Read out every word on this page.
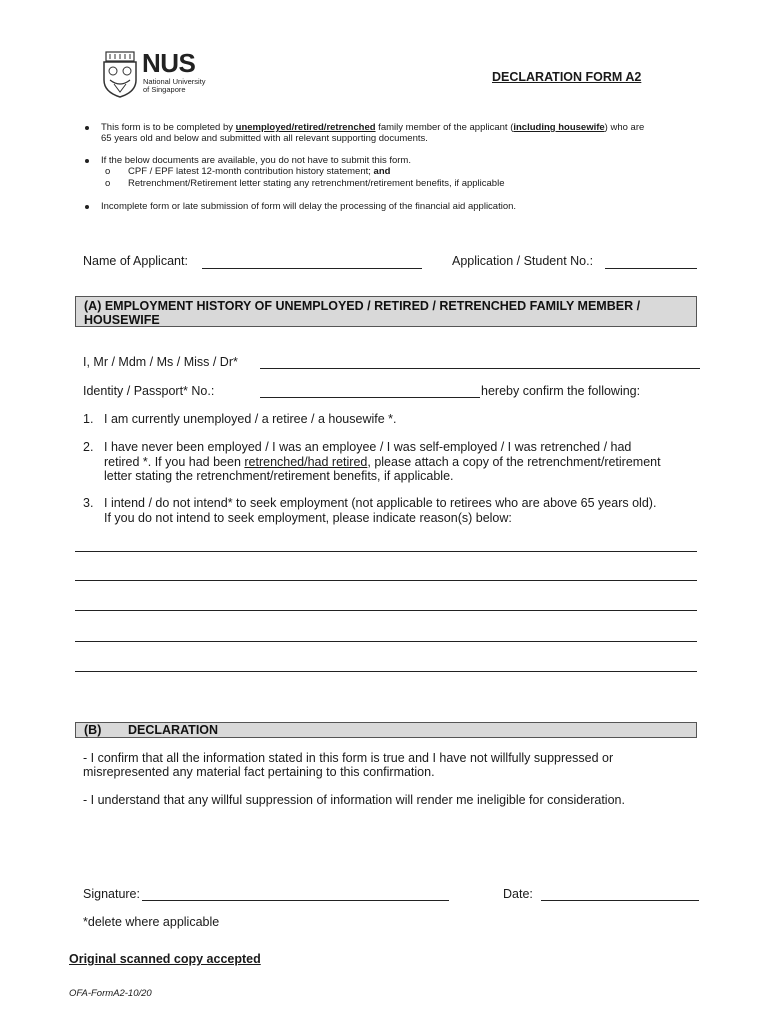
NUS
National University
of Singapore
DECLARATION FORM A2
This form is to be completed by unemployed/retired/retrenched family member of the applicant (including housewife) who are
65 years old and below and submitted with all relevant supporting documents.
If the below documents are available, you do not have to submit this form.
o CPF / EPF latest 12-month contribution history statement; and
o Retrenchment/Retirement letter stating any retrenchment/retirement benefits, if applicable
Incomplete form or late submission of form will delay the processing of the financial aid application.
Name of Applicant:	Application / Student No.:
(A) EMPLOYMENT HISTORY OF UNEMPLOYED / RETIRED / RETRENCHED FAMILY MEMBER /
HOUSEWIFE
I, Mr / Mdm / Ms / Miss / Dr*
Identity / Passport* No.:	hereby confirm the following:
1. I am currently unemployed / a retiree / a housewife *.
2. I have never been employed / I was an employee / I was self-employed / I was retrenched / had
retired *. If you had been retrenched/had retired, please attach a copy of the retrenchment/retirement
letter stating the retrenchment/retirement benefits, if applicable.
3. I intend / do not intend* to seek employment (not applicable to retirees who are above 65 years old).
If you do not intend to seek employment, please indicate reason(s) below:
(B) DECLARATION
- I confirm that all the information stated in this form is true and I have not willfully suppressed or
misrepresented any material fact pertaining to this confirmation.
- I understand that any willful suppression of information will render me ineligible for consideration.
Signature:	Date:
*delete where applicable
Original scanned copy accepted
OFA-FormA2-10/20
